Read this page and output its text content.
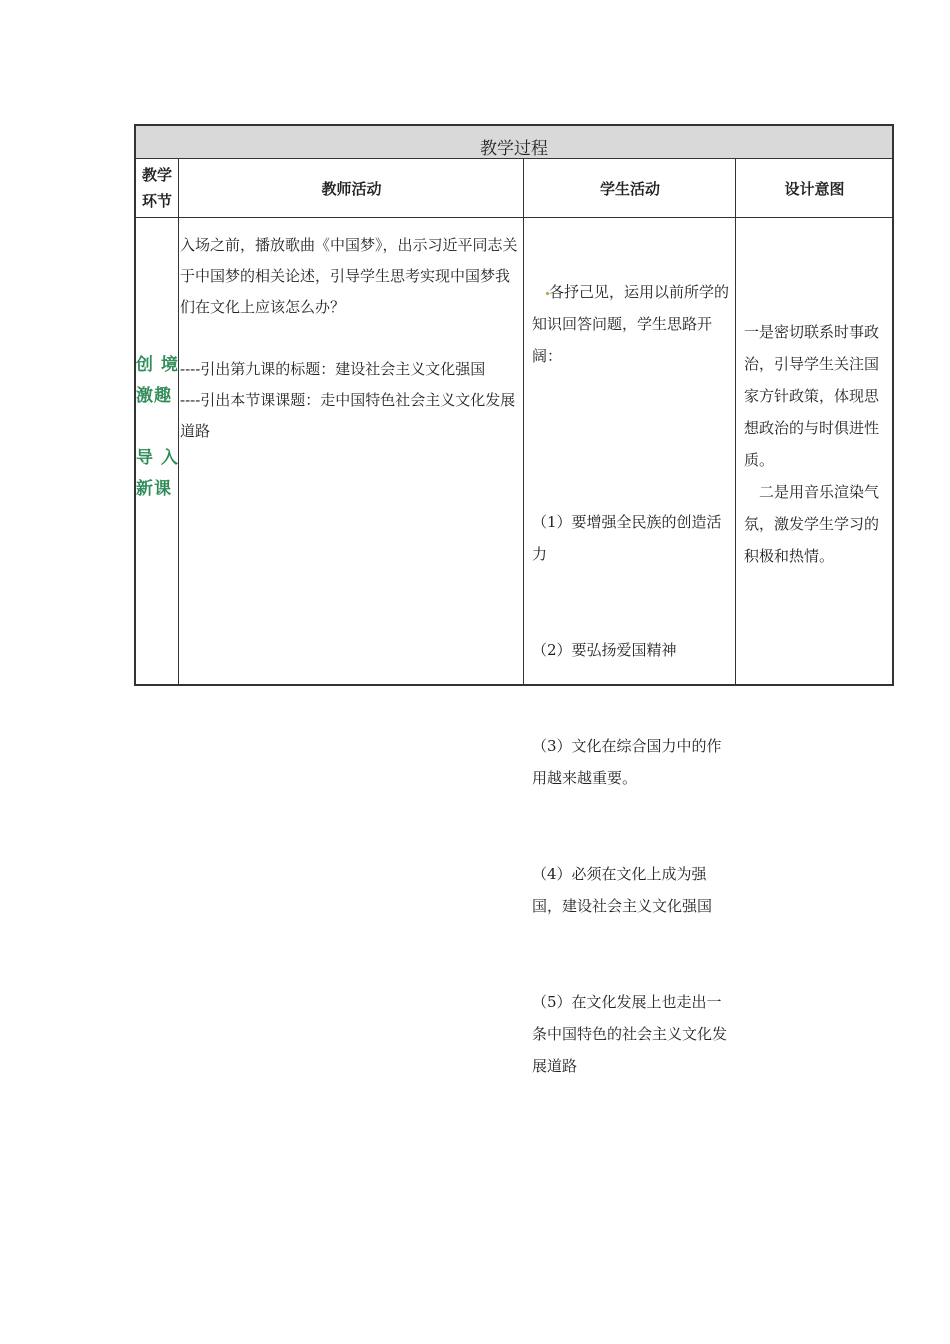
教学过程
教学
环节
教师活动	学生活动	设计意图
创 境
激趣

导 入
新课
入场之前，播放歌曲《中国梦》，出示习近平同志关于中国梦的相关论述，引导学生思考实现中国梦我们在文化上应该怎么办？

----引出第九课的标题：建设社会主义文化强国
----引出本节课课题：走中国特色社会主义文化发展道路

各抒己见，运用以前所学的知识回答问题，学生思路开阔：

（1）要增强全民族的创造活力

（2）要弘扬爱国精神

（3）文化在综合国力中的作用越来越重要。

（4）必须在文化上成为强国，建设社会主义文化强国

（5）在文化发展上也走出一条中国特色的社会主义文化发展道路

一是密切联系时事政治，引导学生关注国家方针政策，体现思想政治的与时俱进性质。
　二是用音乐渲染气氛，激发学生学习的积极和热情。
